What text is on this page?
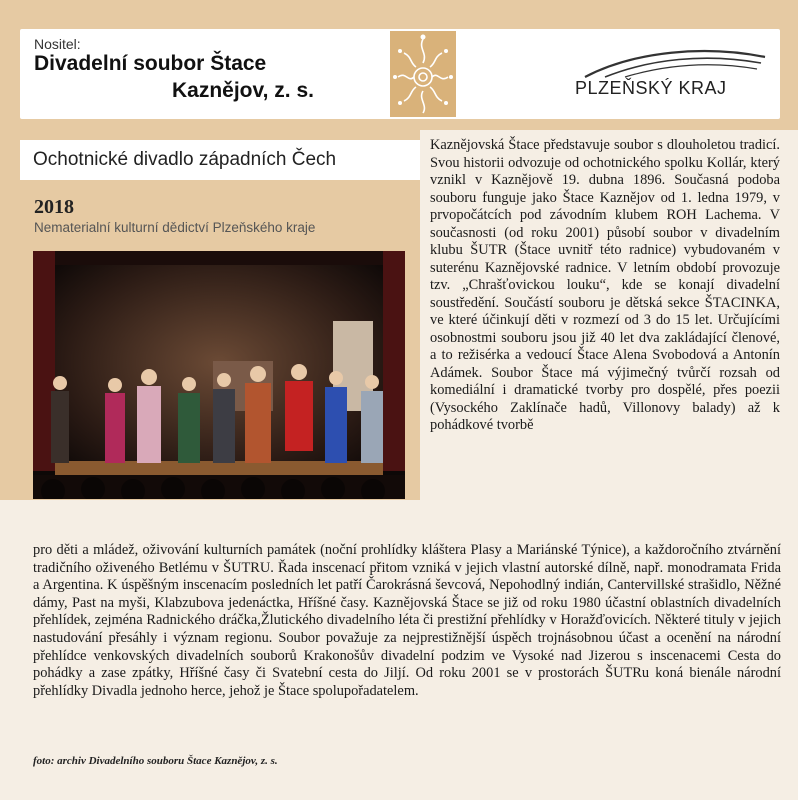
Nositel:
Divadelní soubor Štace
Kaznějov, z. s.	PLZEŇSKÝ KRAJ
Ochotnické divadlo západních Čech
2018
Nematerialní kulturní dědictví Plzeňského kraje

Kaznějovská Štace představuje soubor s dlouholetou tradicí. Svou historii odvozuje od ochotnického spolku Kollár, který vznikl v Kaznějově 19. dubna 1896. Současná podoba souboru funguje jako Štace Kaznějov od 1. ledna 1979, v prvopočátcích pod závodním klubem ROH Lachema. V současnosti (od roku 2001) působí soubor v divadelním klubu ŠUTR (Štace uvnitř této radnice) vybudovaném v suterénu Kaznějovské radnice. V letním období provozuje tzv. „Chrašťovickou louku“, kde se konají divadelní soustředění. Součástí souboru je dětská sekce ŠTACINKA, ve které účinkují děti v rozmezí od 3 do 15 let. Určujícími osobnostmi souboru jsou již 40 let dva zakládající členové, a to režisérka a vedoucí Štace Alena Svobodová a Antonín Adámek. Soubor Štace má výjimečný tvůrčí rozsah od komediální i dramatické tvorby pro dospělé, přes poezii (Vysockého Zaklínače hadů, Villonovy balady) až k pohádkové tvorbě

pro děti a mládež, oživování kulturních památek (noční prohlídky kláštera Plasy a Mariánské Týnice), a každoročního ztvárnění tradičního oživeného Betlému v ŠUTRU. Řada inscenací přitom vzniká v jejich vlastní autorské dílně, např. monodramata Frida a Argentina. K úspěšným inscenacím posledních let patří Čarokrásná ševcová, Nepohodlný indián, Cantervillské strašidlo, Něžné dámy, Past na myši, Klabzubova jedenáctka, Hříšné časy. Kaznějovská Štace se již od roku 1980 účastní oblastních divadelních přehlídek, zejména Radnického dráčka,Žlutického divadelního léta či prestižní přehlídky v Horažďovicích. Některé tituly v jejich nastudování přesáhly i význam regionu. Soubor považuje za nejprestižnější úspěch trojnásobnou účast a ocenění na národní přehlídce venkovských divadelních souborů Krakonošův divadelní podzim ve Vysoké nad Jizerou s inscenacemi Cesta do pohádky a zase zpátky, Hříšné časy či Svatební cesta do Jiljí. Od roku 2001 se v prostorách ŠUTRu koná bienále národní přehlídky Divadla jednoho herce, jehož je Štace spolupořadatelem.

foto: archiv Divadelního souboru Štace Kaznějov, z. s.
